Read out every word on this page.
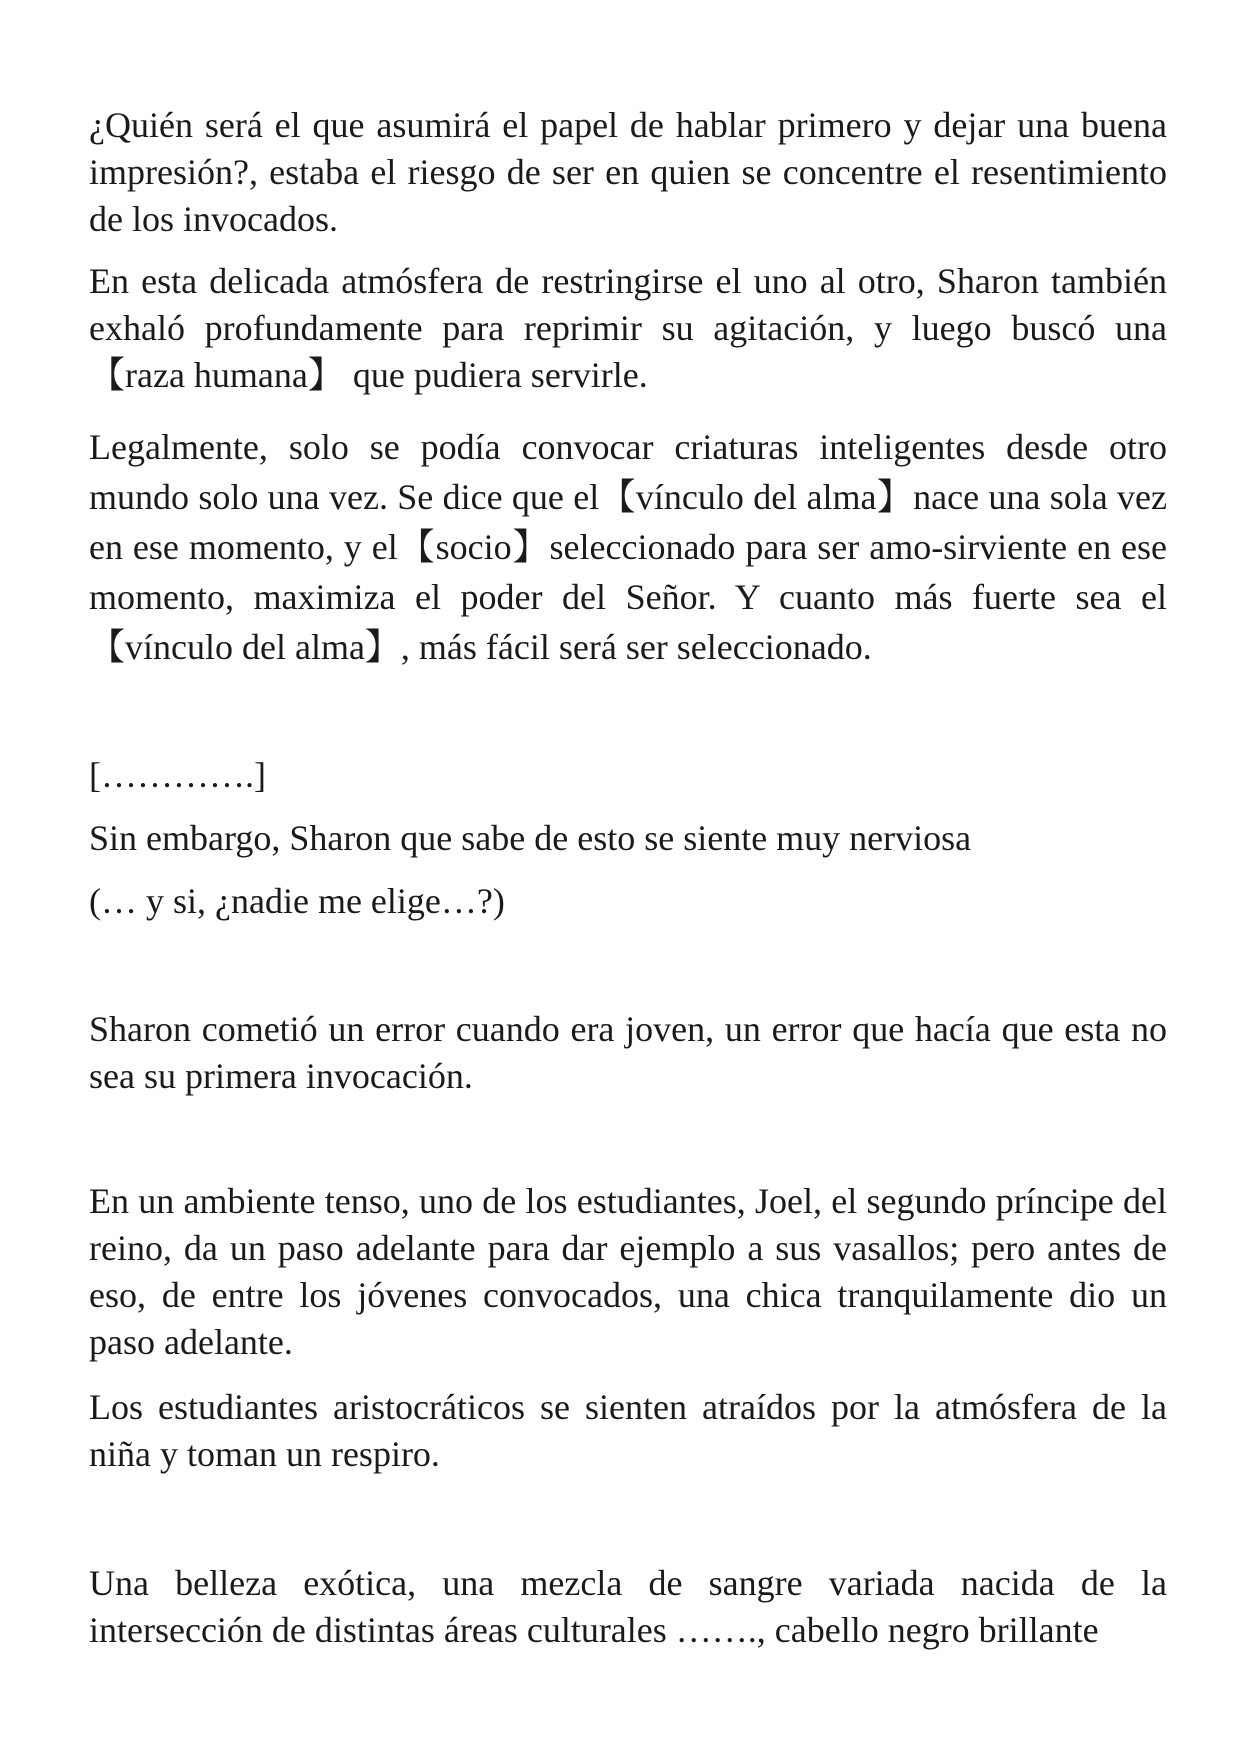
¿Quién será el que asumirá el papel de hablar primero y dejar una buena impresión?, estaba el riesgo de ser en quien se concentre el resentimiento de los invocados.

En esta delicada atmósfera de restringirse el uno al otro, Sharon también exhaló profundamente para reprimir su agitación, y luego buscó una 【raza humana】 que pudiera servirle.

Legalmente, solo se podía convocar criaturas inteligentes desde otro mundo solo una vez. Se dice que el【vínculo del alma】nace una sola vez en ese momento, y el【socio】seleccionado para ser amo-sirviente en ese momento, maximiza el poder del Señor. Y cuanto más fuerte sea el【vínculo del alma】, más fácil será ser seleccionado.

[………….]

Sin embargo, Sharon que sabe de esto se siente muy nerviosa

(… y si, ¿nadie me elige…?)

Sharon cometió un error cuando era joven, un error que hacía que esta no sea su primera invocación.

En un ambiente tenso, uno de los estudiantes, Joel, el segundo príncipe del reino, da un paso adelante para dar ejemplo a sus vasallos; pero antes de eso, de entre los jóvenes convocados, una chica tranquilamente dio un paso adelante.

Los estudiantes aristocráticos se sienten atraídos por la atmósfera de la niña y toman un respiro.

Una belleza exótica, una mezcla de sangre variada nacida de la intersección de distintas áreas culturales ……., cabello negro brillante
